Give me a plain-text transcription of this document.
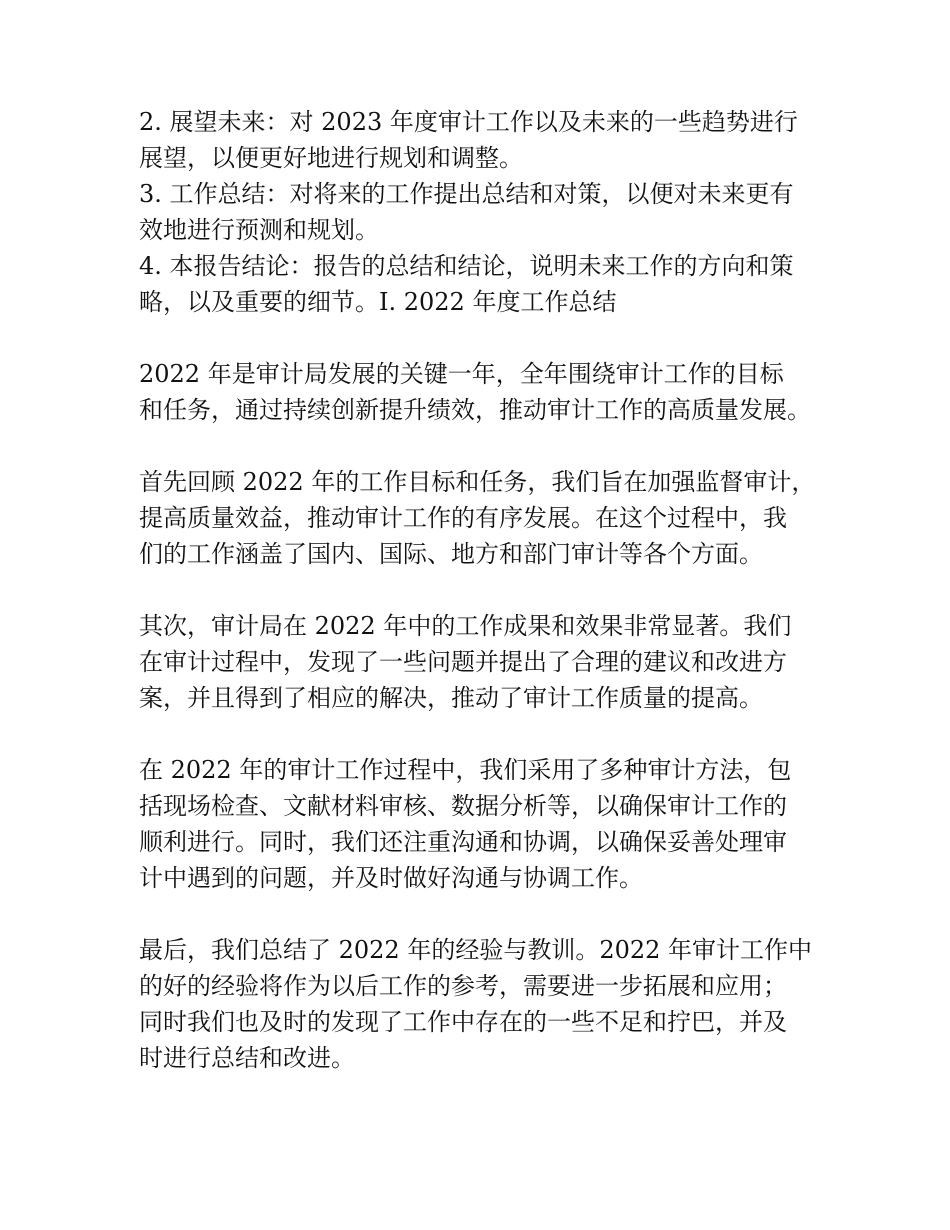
2. 展望未来：对 2023 年度审计工作以及未来的一些趋势进行
展望，以便更好地进行规划和调整。
3. 工作总结：对将来的工作提出总结和对策，以便对未来更有
效地进行预测和规划。
4. 本报告结论：报告的总结和结论，说明未来工作的方向和策
略，以及重要的细节。I. 2022 年度工作总结
2022 年是审计局发展的关键一年，全年围绕审计工作的目标
和任务，通过持续创新提升绩效，推动审计工作的高质量发展。
首先回顾 2022 年的工作目标和任务，我们旨在加强监督审计，
提高质量效益，推动审计工作的有序发展。在这个过程中，我
们的工作涵盖了国内、国际、地方和部门审计等各个方面。
其次，审计局在 2022 年中的工作成果和效果非常显著。我们
在审计过程中，发现了一些问题并提出了合理的建议和改进方
案，并且得到了相应的解决，推动了审计工作质量的提高。
在 2022 年的审计工作过程中，我们采用了多种审计方法，包
括现场检查、文献材料审核、数据分析等，以确保审计工作的
顺利进行。同时，我们还注重沟通和协调，以确保妥善处理审
计中遇到的问题，并及时做好沟通与协调工作。
最后，我们总结了 2022 年的经验与教训。2022 年审计工作中
的好的经验将作为以后工作的参考，需要进一步拓展和应用；
同时我们也及时的发现了工作中存在的一些不足和拧巴，并及
时进行总结和改进。
